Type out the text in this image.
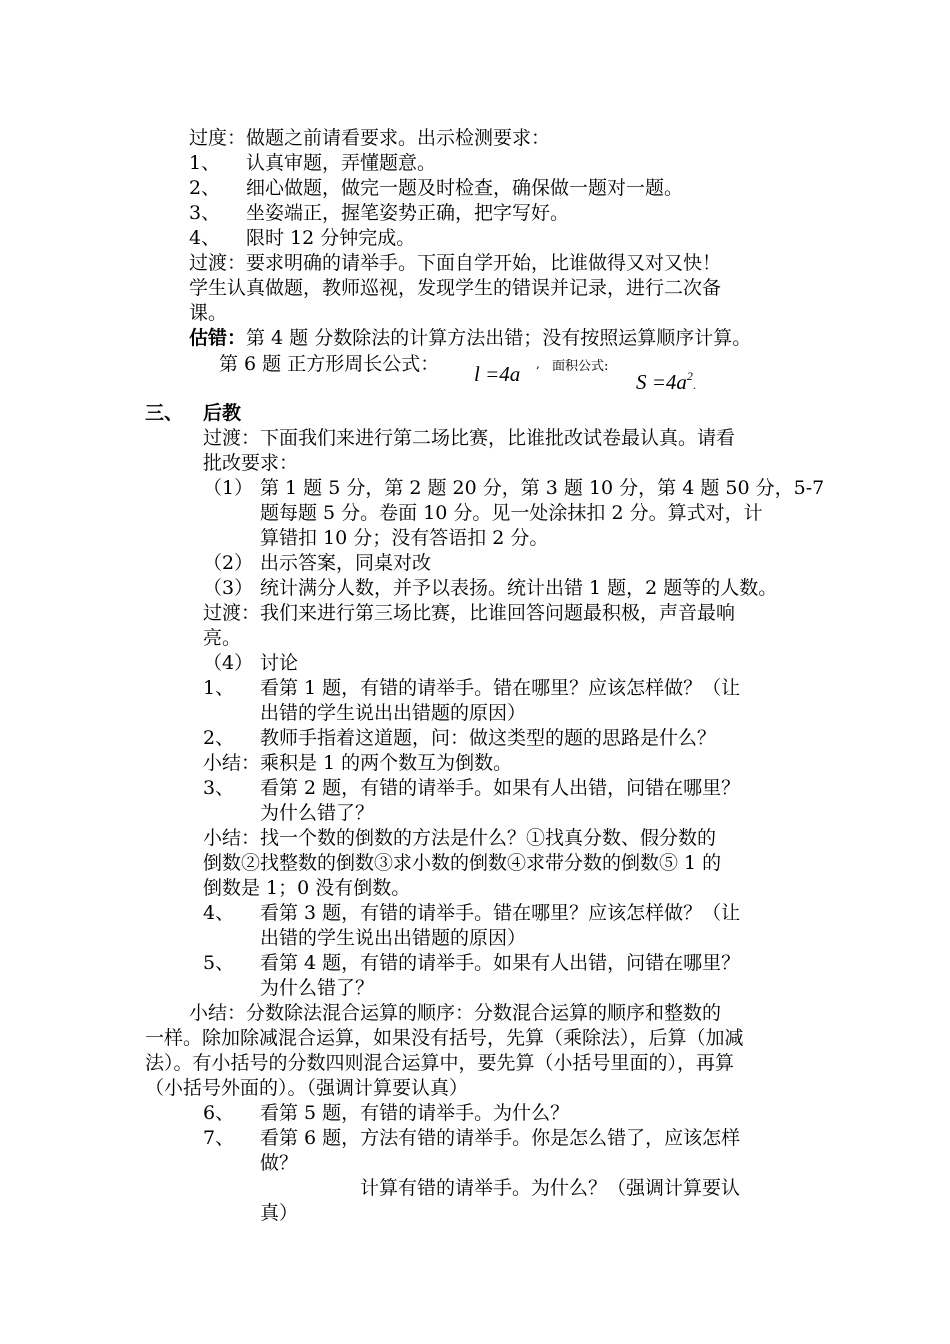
过度：做题之前请看要求。出示检测要求：
1、 认真审题，弄懂题意。
2、 细心做题，做完一题及时检查，确保做一题对一题。
3、 坐姿端正，握笔姿势正确，把字写好。
4、 限时 12 分钟完成。
过渡：要求明确的请举手。下面自学开始，比谁做得又对又快！
学生认真做题，教师巡视，发现学生的错误并记录，进行二次备
课。
估错：第 4 题 分数除法的计算方法出错；没有按照运算顺序计算。
第 6 题 正方形周长公式： l =4a , 面积公式:
$S =4a^2$.
三、 后教
过渡：下面我们来进行第二场比赛，比谁批改试卷最认真。请看
批改要求：
（1） 第 1 题 5 分，第 2 题 20 分，第 3 题 10 分，第 4 题 50 分，5-7
题每题 5 分。卷面 10 分。见一处涂抹扣 2 分。算式对，计
算错扣 10 分；没有答语扣 2 分。
（2） 出示答案，同桌对改
（3） 统计满分人数，并予以表扬。统计出错 1 题，2 题等的人数。
过渡：我们来进行第三场比赛，比谁回答问题最积极，声音最响
亮。
（4） 讨论
1、 看第 1 题，有错的请举手。错在哪里？应该怎样做？（让
出错的学生说出出错题的原因）
2、 教师手指着这道题，问：做这类型的题的思路是什么？
小结：乘积是 1 的两个数互为倒数。
3、 看第 2 题，有错的请举手。如果有人出错，问错在哪里？
为什么错了？
小结：找一个数的倒数的方法是什么？①找真分数、假分数的
倒数②找整数的倒数③求小数的倒数④求带分数的倒数⑤ 1 的
倒数是 1；0 没有倒数。
4、 看第 3 题，有错的请举手。错在哪里？应该怎样做？（让
出错的学生说出出错题的原因）
5、 看第 4 题，有错的请举手。如果有人出错，问错在哪里？
为什么错了？
小结：分数除法混合运算的顺序：分数混合运算的顺序和整数的
一样。除加除减混合运算，如果没有括号，先算（乘除法），后算（加减
法）。有小括号的分数四则混合运算中，要先算（小括号里面的），再算
（小括号外面的）。（强调计算要认真）
6、 看第 5 题，有错的请举手。为什么？
7、 看第 6 题，方法有错的请举手。你是怎么错了，应该怎样
做？
计算有错的请举手。为什么？（强调计算要认
真）
